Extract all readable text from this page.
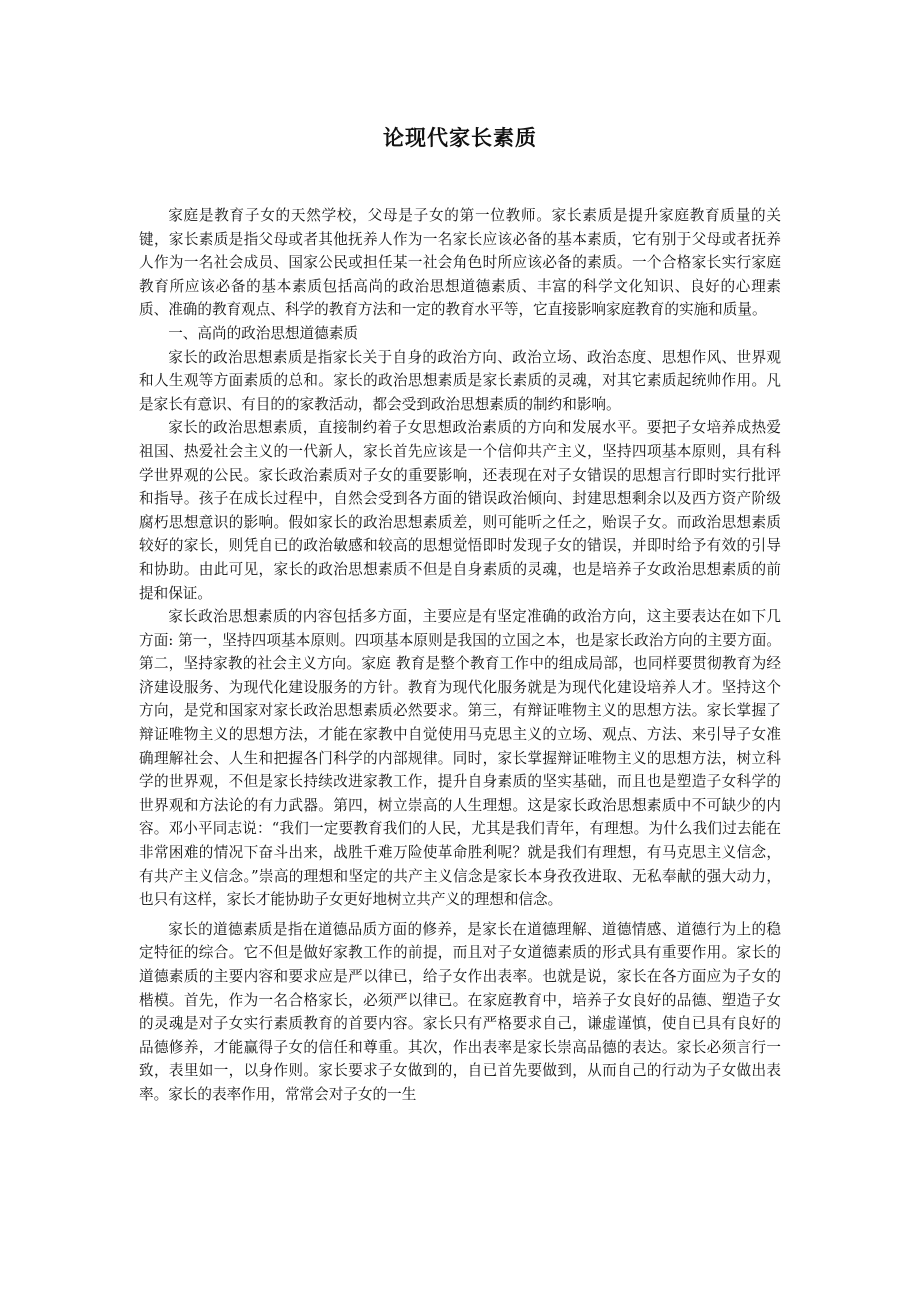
论现代家长素质

家庭是教育子女的天然学校，父母是子女的第一位教师。家长素质是提升家庭教育质量的关键，家长素质是指父母或者其他抚养人作为一名家长应该必备的基本素质，它有别于父母或者抚养人作为一名社会成员、国家公民或担任某一社会角色时所应该必备的素质。一个合格家长实行家庭教育所应该必备的基本素质包括高尚的政治思想道德素质、丰富的科学文化知识、良好的心理素质、准确的教育观点、科学的教育方法和一定的教育水平等，它直接影响家庭教育的实施和质量。

一、高尚的政治思想道德素质

家长的政治思想素质是指家长关于自身的政治方向、政治立场、政治态度、思想作风、世界观和人生观等方面素质的总和。家长的政治思想素质是家长素质的灵魂，对其它素质起统帅作用。凡是家长有意识、有目的的家教活动，都会受到政治思想素质的制约和影响。

家长的政治思想素质，直接制约着子女思想政治素质的方向和发展水平。要把子女培养成热爱祖国、热爱社会主义的一代新人，家长首先应该是一个信仰共产主义，坚持四项基本原则，具有科学世界观的公民。家长政治素质对子女的重要影响，还表现在对子女错误的思想言行即时实行批评和指导。孩子在成长过程中，自然会受到各方面的错误政治倾向、封建思想剩余以及西方资产阶级腐朽思想意识的影响。假如家长的政治思想素质差，则可能听之任之，贻误子女。而政治思想素质较好的家长，则凭自已的政治敏感和较高的思想觉悟即时发现子女的错误，并即时给予有效的引导和协助。由此可见，家长的政治思想素质不但是自身素质的灵魂，也是培养子女政治思想素质的前提和保证。

家长政治思想素质的内容包括多方面，主要应是有坚定准确的政治方向，这主要表达在如下几方面: 第一，坚持四项基本原则。四项基本原则是我国的立国之本，也是家长政治方向的主要方面。第二，坚持家教的社会主义方向。家庭 教育是整个教育工作中的组成局部，也同样要贯彻教育为经济建设服务、为现代化建设服务的方针。教育为现代化服务就是为现代化建设培养人才。坚持这个方向，是党和国家对家长政治思想素质必然要求。第三，有辩证唯物主义的思想方法。家长掌握了辩证唯物主义的思想方法，才能在家教中自觉使用马克思主义的立场、观点、方法、来引导子女准确理解社会、人生和把握各门科学的内部规律。同时，家长掌握辩证唯物主义的思想方法，树立科学的世界观，不但是家长持续改进家教工作，提升自身素质的坚实基础，而且也是塑造子女科学的世界观和方法论的有力武器。第四，树立崇高的人生理想。这是家长政治思想素质中不可缺少的内容。邓小平同志说：“我们一定要教育我们的人民，尤其是我们青年，有理想。为什么我们过去能在非常困难的情况下奋斗出来，战胜千难万险使革命胜利呢？就是我们有理想，有马克思主义信念，有共产主义信念。”崇高的理想和坚定的共产主义信念是家长本身孜孜进取、无私奉献的强大动力，也只有这样，家长才能协助子女更好地树立共产义的理想和信念。

家长的道德素质是指在道德品质方面的修养，是家长在道德理解、道德情感、道德行为上的稳定特征的综合。它不但是做好家教工作的前提，而且对子女道德素质的形式具有重要作用。家长的道德素质的主要内容和要求应是严以律已，给子女作出表率。也就是说，家长在各方面应为子女的楷模。首先，作为一名合格家长，必须严以律已。在家庭教育中，培养子女良好的品德、塑造子女的灵魂是对子女实行素质教育的首要内容。家长只有严格要求自己，谦虚谨慎，使自已具有良好的品德修养，才能赢得子女的信任和尊重。其次，作出表率是家长崇高品德的表达。家长必须言行一致，表里如一，以身作则。家长要求子女做到的，自已首先要做到，从而自己的行动为子女做出表率。家长的表率作用，常常会对子女的一生
